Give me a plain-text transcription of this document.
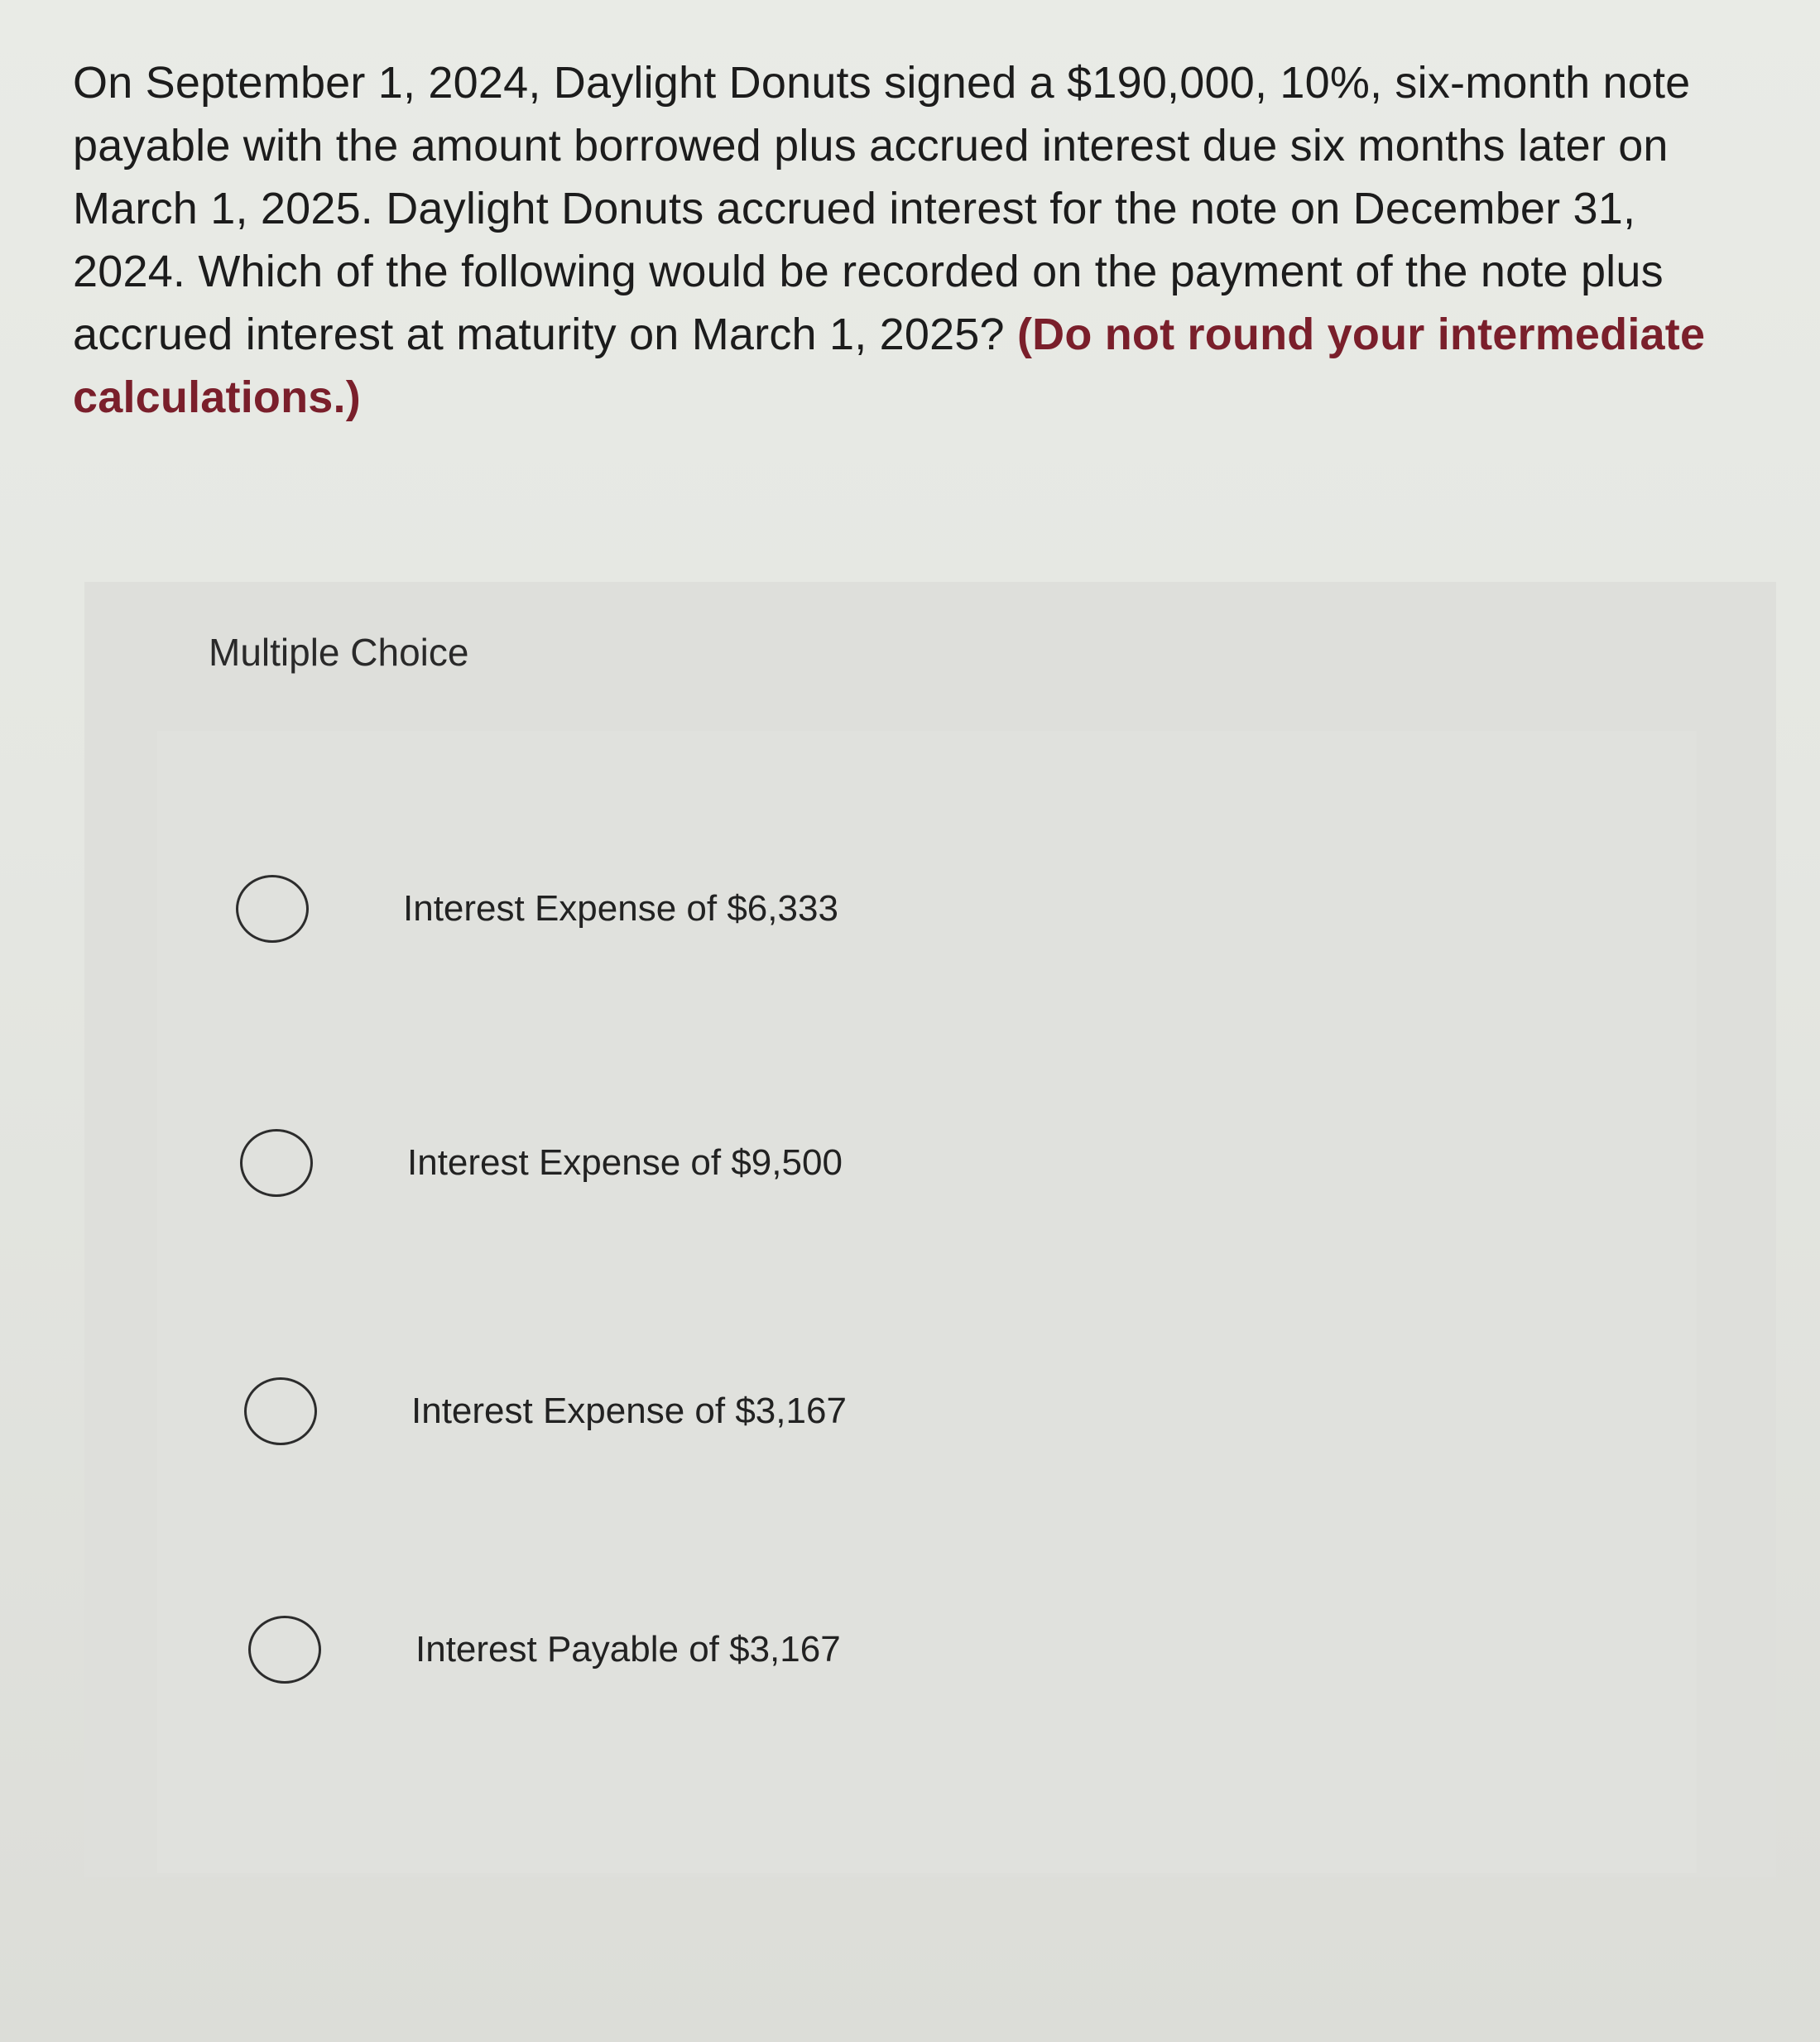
On September 1, 2024, Daylight Donuts signed a $190,000, 10%, six-month note payable with the amount borrowed plus accrued interest due six months later on March 1, 2025. Daylight Donuts accrued interest for the note on December 31, 2024. Which of the following would be recorded on the payment of the note plus accrued interest at maturity on March 1, 2025? (Do not round your intermediate calculations.)
Multiple Choice
Interest Expense of $6,333
Interest Expense of $9,500
Interest Expense of $3,167
Interest Payable of $3,167
